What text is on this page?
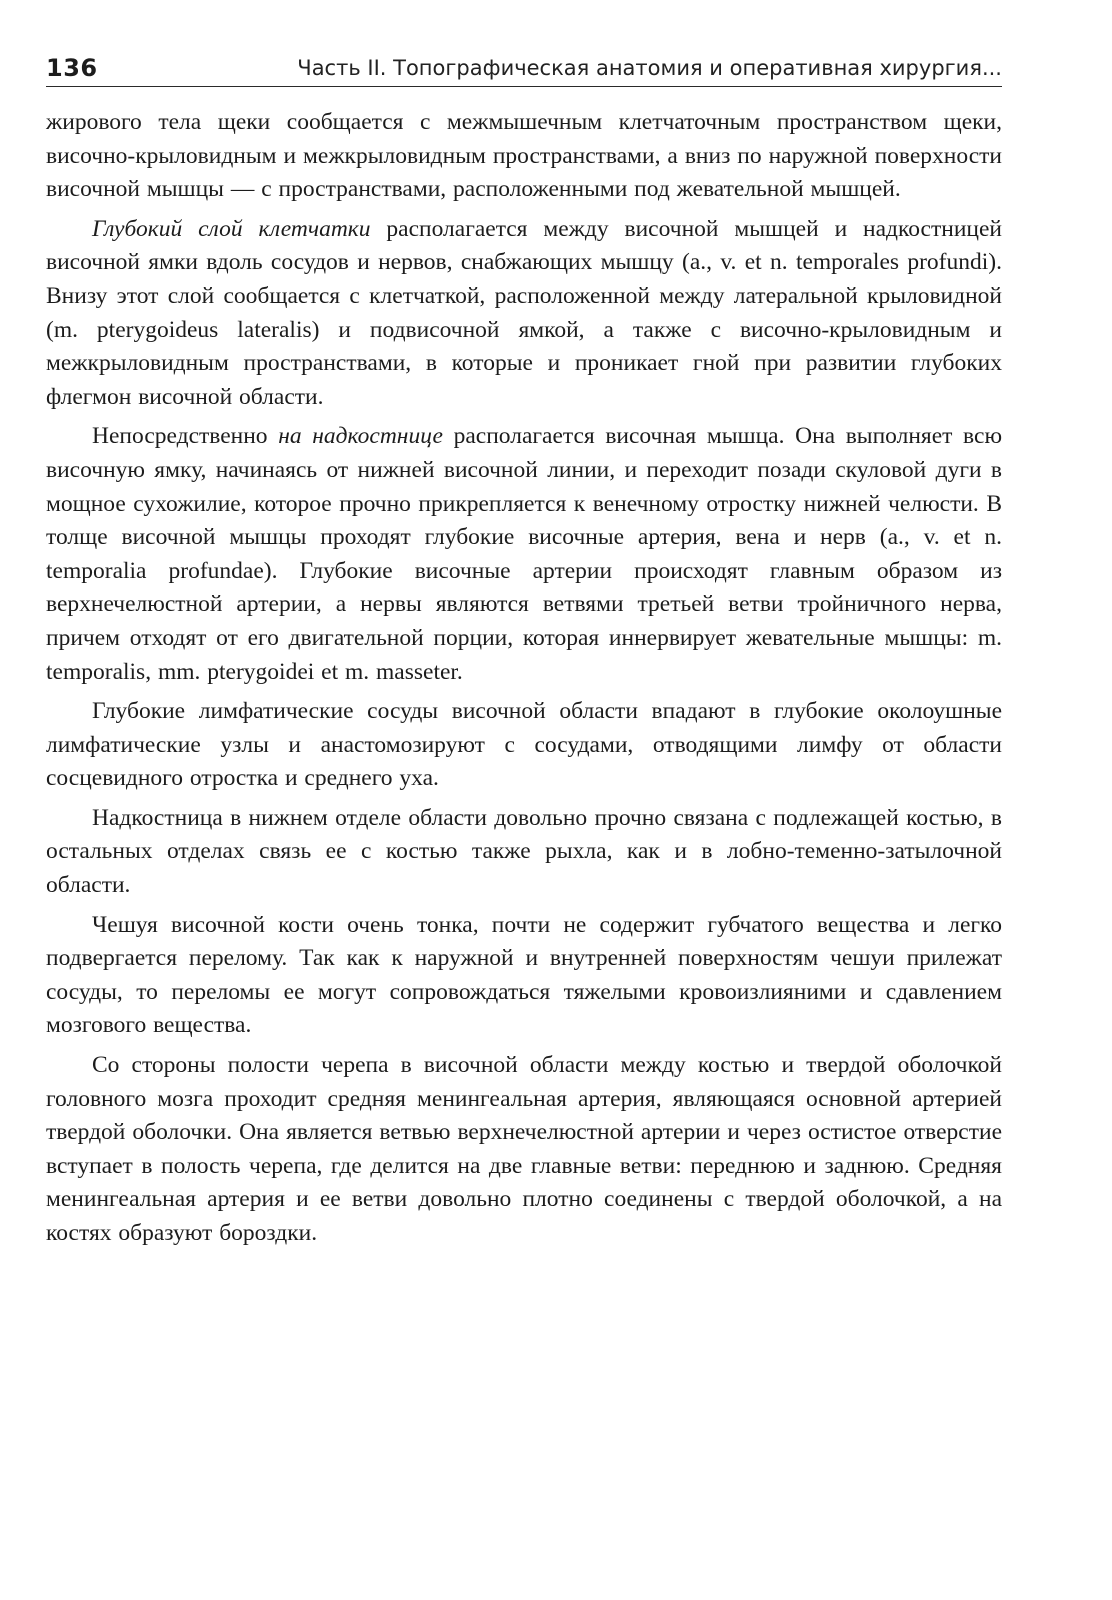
136	Часть II. Топографическая анатомия и оперативная хирургия...

жирового тела щеки сообщается с межмышечным клетчаточным пространством щеки, височно-крыловидным и межкрыловидным пространствами, а вниз по наружной поверхности височной мышцы — с пространствами, расположенными под жевательной мышцей.

Глубокий слой клетчатки располагается между височной мышцей и надкостницей височной ямки вдоль сосудов и нервов, снабжающих мышцу (a., v. et n. temporales profundi). Внизу этот слой сообщается с клетчаткой, расположенной между латеральной крыловидной (m. pterygoideus lateralis) и подвисочной ямкой, а также с височно-крыловидным и межкрыловидным пространствами, в которые и проникает гной при развитии глубоких флегмон височной области.

Непосредственно на надкостнице располагается височная мышца. Она выполняет всю височную ямку, начинаясь от нижней височной линии, и переходит позади скуловой дуги в мощное сухожилие, которое прочно прикрепляется к венечному отростку нижней челюсти. В толще височной мышцы проходят глубокие височные артерия, вена и нерв (a., v. et n. temporalia profundae). Глубокие височные артерии происходят главным образом из верхнечелюстной артерии, а нервы являются ветвями третьей ветви тройничного нерва, причем отходят от его двигательной порции, которая иннервирует жевательные мышцы: m. temporalis, mm. pterygoidei et m. masseter.

Глубокие лимфатические сосуды височной области впадают в глубокие околоушные лимфатические узлы и анастомозируют с сосудами, отводящими лимфу от области сосцевидного отростка и среднего уха.

Надкостница в нижнем отделе области довольно прочно связана с подлежащей костью, в остальных отделах связь ее с костью также рыхла, как и в лобно-теменно-затылочной области.

Чешуя височной кости очень тонка, почти не содержит губчатого вещества и легко подвергается перелому. Так как к наружной и внутренней поверхностям чешуи прилежат сосуды, то переломы ее могут сопровождаться тяжелыми кровоизлияними и сдавлением мозгового вещества.

Со стороны полости черепа в височной области между костью и твердой оболочкой головного мозга проходит средняя менингеальная артерия, являющаяся основной артерией твердой оболочки. Она является ветвью верхнечелюстной артерии и через остистое отверстие вступает в полость черепа, где делится на две главные ветви: переднюю и заднюю. Средняя менингеальная артерия и ее ветви довольно плотно соединены с твердой оболочкой, а на костях образуют бороздки.
